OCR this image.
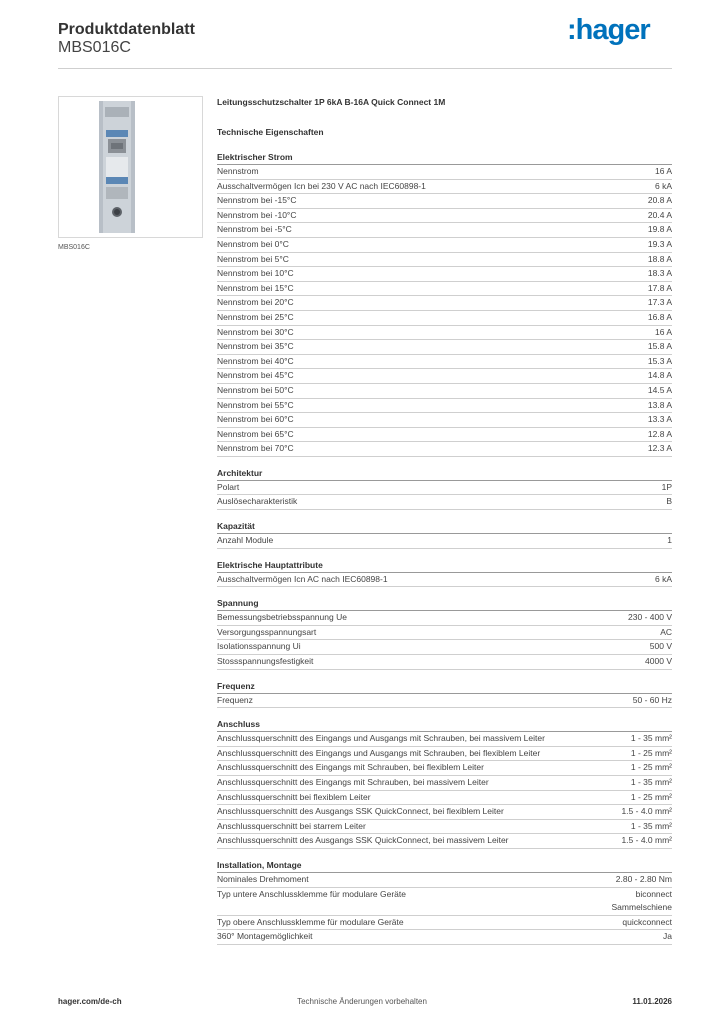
Produktdatenblatt
MBS016C
:hager
MBS016C
Leitungsschutzschalter 1P 6kA B-16A Quick Connect 1M
Technische Eigenschaften
Elektrischer Strom
Nennstrom	16 A
Ausschaltvermögen Icn bei 230 V AC nach IEC60898-1	6 kA
Nennstrom bei -15°C	20.8 A
Nennstrom bei -10°C	20.4 A
Nennstrom bei -5°C	19.8 A
Nennstrom bei 0°C	19.3 A
Nennstrom bei 5°C	18.8 A
Nennstrom bei 10°C	18.3 A
Nennstrom bei 15°C	17.8 A
Nennstrom bei 20°C	17.3 A
Nennstrom bei 25°C	16.8 A
Nennstrom bei 30°C	16 A
Nennstrom bei 35°C	15.8 A
Nennstrom bei 40°C	15.3 A
Nennstrom bei 45°C	14.8 A
Nennstrom bei 50°C	14.5 A
Nennstrom bei 55°C	13.8 A
Nennstrom bei 60°C	13.3 A
Nennstrom bei 65°C	12.8 A
Nennstrom bei 70°C	12.3 A
Architektur
Polart	1P
Auslösecharakteristik	B
Kapazität
Anzahl Module	1
Elektrische Hauptattribute
Ausschaltvermögen Icn AC nach IEC60898-1	6 kA
Spannung
Bemessungsbetriebsspannung Ue	230 - 400 V
Versorgungsspannungsart	AC
Isolationsspannung Ui	500 V
Stossspannungsfestigkeit	4000 V
Frequenz
Frequenz	50 - 60 Hz
Anschluss
Anschlussquerschnitt des Eingangs und Ausgangs mit Schrauben, bei massivem Leiter	1 - 35 mm²
Anschlussquerschnitt des Eingangs und Ausgangs mit Schrauben, bei flexiblem Leiter	1 - 25 mm²
Anschlussquerschnitt des Eingangs mit Schrauben, bei flexiblem Leiter	1 - 25 mm²
Anschlussquerschnitt des Eingangs mit Schrauben, bei massivem Leiter	1 - 35 mm²
Anschlussquerschnitt bei flexiblem Leiter	1 - 25 mm²
Anschlussquerschnitt des Ausgangs SSK QuickConnect, bei flexiblem Leiter	1.5 - 4.0 mm²
Anschlussquerschnitt bei starrem Leiter	1 - 35 mm²
Anschlussquerschnitt des Ausgangs SSK QuickConnect, bei massivem Leiter	1.5 - 4.0 mm²
Installation, Montage
Nominales Drehmoment	2.80 - 2.80 Nm
Typ untere Anschlussklemme für modulare Geräte	biconnect
Sammelschiene
Typ obere Anschlussklemme für modulare Geräte	quickconnect
360° Montagemöglichkeit	Ja
hager.com/de-ch	Technische Änderungen vorbehalten	11.01.2026
